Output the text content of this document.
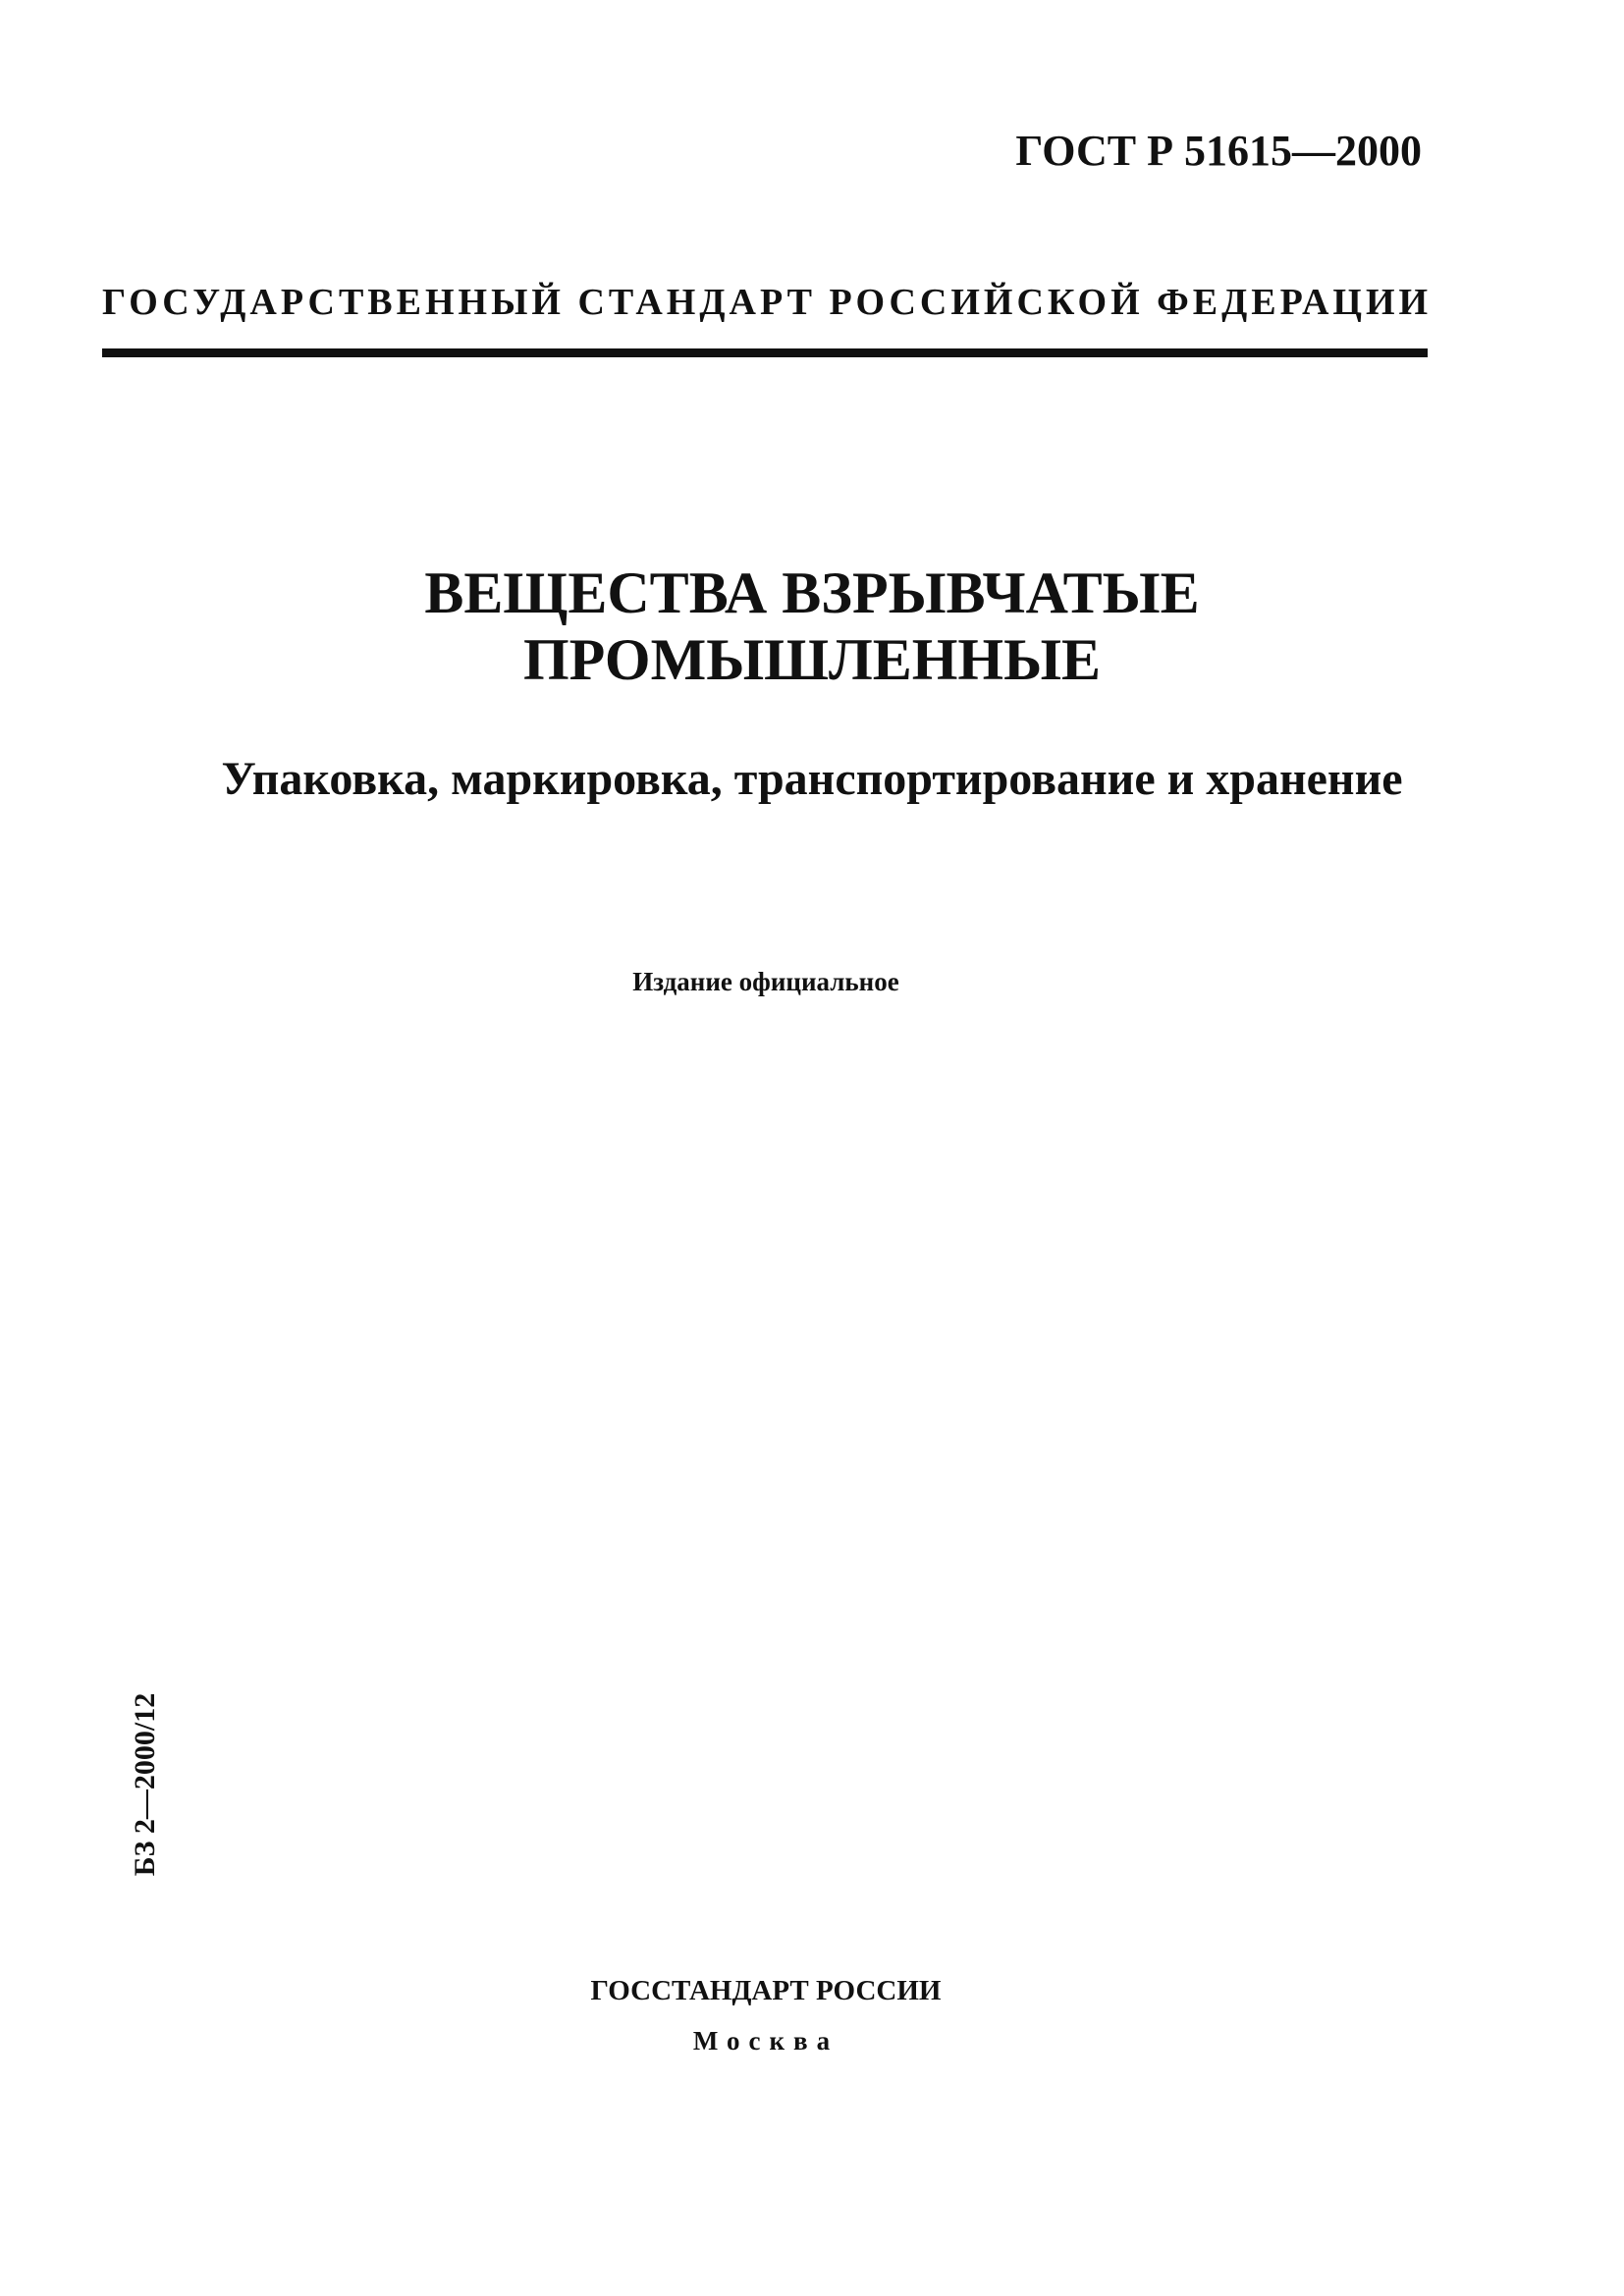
ГОСТ Р 51615—2000
ГОСУДАРСТВЕННЫЙ СТАНДАРТ РОССИЙСКОЙ ФЕДЕРАЦИИ
ВЕЩЕСТВА ВЗРЫВЧАТЫЕ
ПРОМЫШЛЕННЫЕ
Упаковка, маркировка, транспортирование и хранение
Издание официальное
БЗ 2—2000/12
ГОССТАНДАРТ РОССИИ
Москва
